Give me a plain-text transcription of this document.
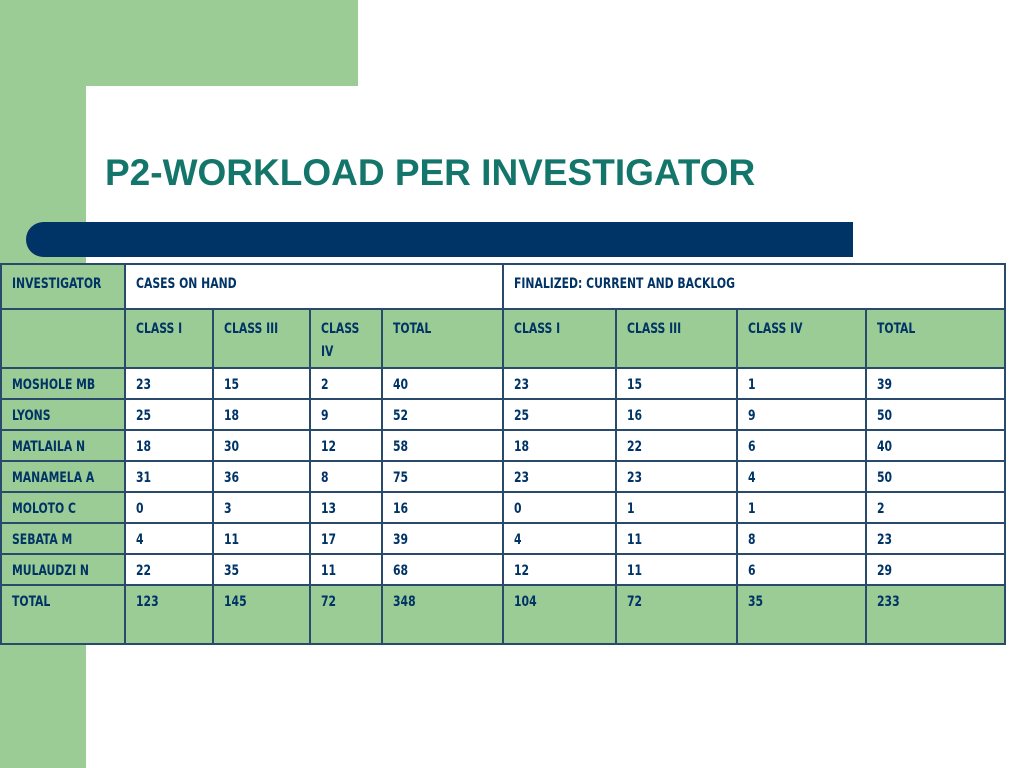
P2-WORKLOAD PER INVESTIGATOR
INVESTIGATOR	CASES ON HAND				FINALIZED: CURRENT AND BACKLOG			
	CLASS I	CLASS III	CLASS IV	TOTAL	CLASS I	CLASS III	CLASS IV	TOTAL
MOSHOLE MB	23	15	2	40	23	15	1	39
LYONS	25	18	9	52	25	16	9	50
MATLAILA N	18	30	12	58	18	22	6	40
MANAMELA A	31	36	8	75	23	23	4	50
MOLOTO C	0	3	13	16	0	1	1	2
SEBATA M	4	11	17	39	4	11	8	23
MULAUDZI N	22	35	11	68	12	11	6	29
TOTAL	123	145	72	348	104	72	35	233
